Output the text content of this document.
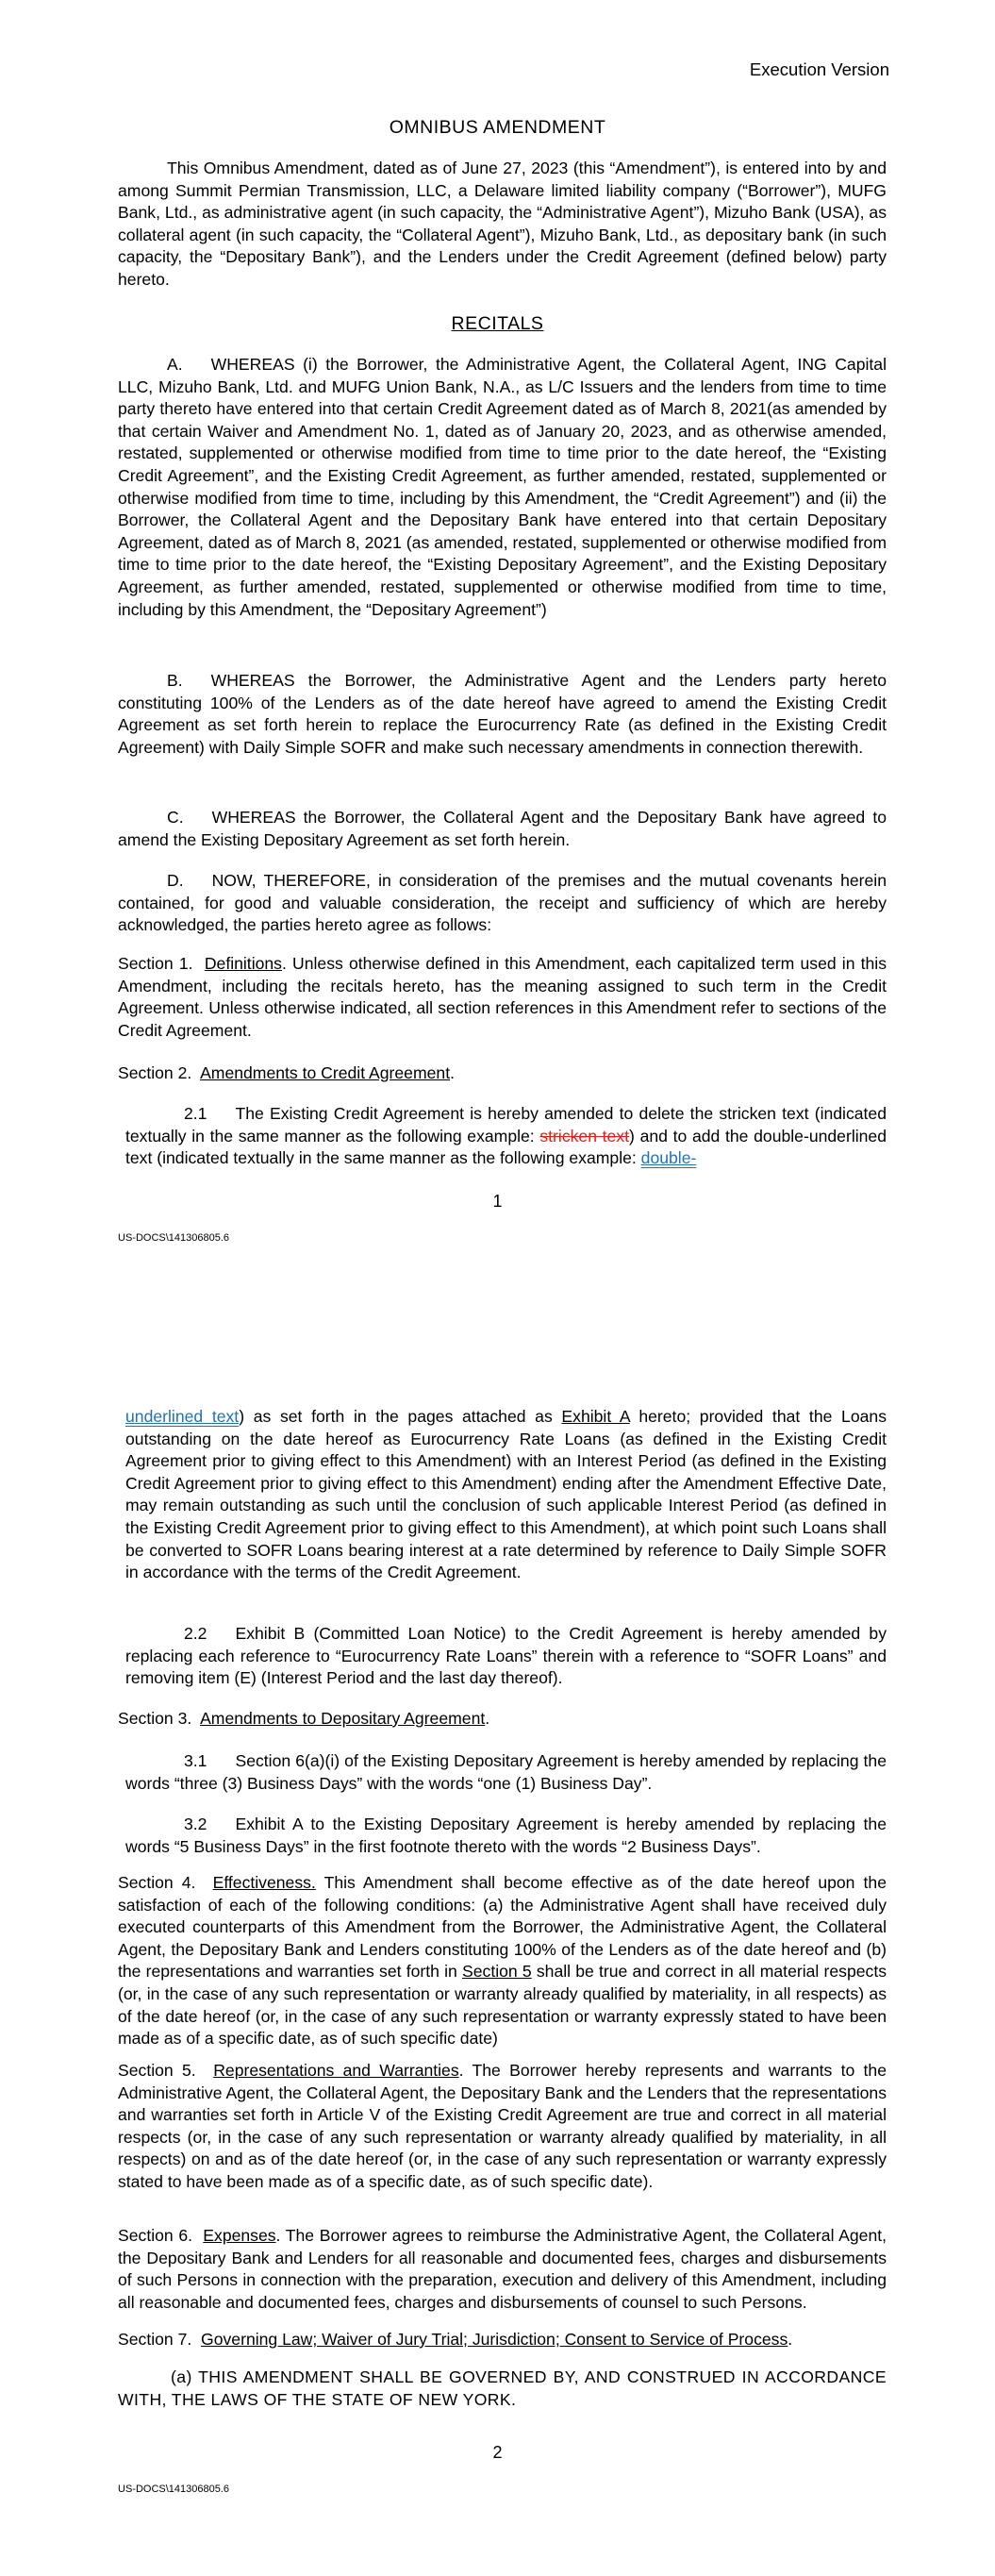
Execution Version
OMNIBUS AMENDMENT

This Omnibus Amendment, dated as of June 27, 2023 (this “Amendment”), is entered into by and among Summit Permian Transmission, LLC, a Delaware limited liability company (“Borrower”), MUFG Bank, Ltd., as administrative agent (in such capacity, the “Administrative Agent”), Mizuho Bank (USA), as collateral agent (in such capacity, the “Collateral Agent”), Mizuho Bank, Ltd., as depositary bank (in such capacity, the “Depositary Bank”), and the Lenders under the Credit Agreement (defined below) party hereto.

RECITALS

A. WHEREAS (i) the Borrower, the Administrative Agent, the Collateral Agent, ING Capital LLC, Mizuho Bank, Ltd. and MUFG Union Bank, N.A., as L/C Issuers and the lenders from time to time party thereto have entered into that certain Credit Agreement dated as of March 8, 2021(as amended by that certain Waiver and Amendment No. 1, dated as of January 20, 2023, and as otherwise amended, restated, supplemented or otherwise modified from time to time prior to the date hereof, the “Existing Credit Agreement”, and the Existing Credit Agreement, as further amended, restated, supplemented or otherwise modified from time to time, including by this Amendment, the “Credit Agreement”) and (ii) the Borrower, the Collateral Agent and the Depositary Bank have entered into that certain Depositary Agreement, dated as of March 8, 2021 (as amended, restated, supplemented or otherwise modified from time to time prior to the date hereof, the “Existing Depositary Agreement”, and the Existing Depositary Agreement, as further amended, restated, supplemented or otherwise modified from time to time, including by this Amendment, the “Depositary Agreement”)

B. WHEREAS the Borrower, the Administrative Agent and the Lenders party hereto constituting 100% of the Lenders as of the date hereof have agreed to amend the Existing Credit Agreement as set forth herein to replace the Eurocurrency Rate (as defined in the Existing Credit Agreement) with Daily Simple SOFR and make such necessary amendments in connection therewith.

C. WHEREAS the Borrower, the Collateral Agent and the Depositary Bank have agreed to amend the Existing Depositary Agreement as set forth herein.

D. NOW, THEREFORE, in consideration of the premises and the mutual covenants herein contained, for good and valuable consideration, the receipt and sufficiency of which are hereby acknowledged, the parties hereto agree as follows:

Section 1. Definitions. Unless otherwise defined in this Amendment, each capitalized term used in this Amendment, including the recitals hereto, has the meaning assigned to such term in the Credit Agreement. Unless otherwise indicated, all section references in this Amendment refer to sections of the Credit Agreement.

Section 2. Amendments to Credit Agreement.

2.1 The Existing Credit Agreement is hereby amended to delete the stricken text (indicated textually in the same manner as the following example: stricken text) and to add the double-underlined text (indicated textually in the same manner as the following example: double-

1
US-DOCS\141306805.6

underlined text) as set forth in the pages attached as Exhibit A hereto; provided that the Loans outstanding on the date hereof as Eurocurrency Rate Loans (as defined in the Existing Credit Agreement prior to giving effect to this Amendment) with an Interest Period (as defined in the Existing Credit Agreement prior to giving effect to this Amendment) ending after the Amendment Effective Date, may remain outstanding as such until the conclusion of such applicable Interest Period (as defined in the Existing Credit Agreement prior to giving effect to this Amendment), at which point such Loans shall be converted to SOFR Loans bearing interest at a rate determined by reference to Daily Simple SOFR in accordance with the terms of the Credit Agreement.

2.2 Exhibit B (Committed Loan Notice) to the Credit Agreement is hereby amended by replacing each reference to “Eurocurrency Rate Loans” therein with a reference to “SOFR Loans” and removing item (E) (Interest Period and the last day thereof).

Section 3. Amendments to Depositary Agreement.

3.1 Section 6(a)(i) of the Existing Depositary Agreement is hereby amended by replacing the words “three (3) Business Days” with the words “one (1) Business Day”.

3.2 Exhibit A to the Existing Depositary Agreement is hereby amended by replacing the words “5 Business Days” in the first footnote thereto with the words “2 Business Days”.

Section 4. Effectiveness. This Amendment shall become effective as of the date hereof upon the satisfaction of each of the following conditions: (a) the Administrative Agent shall have received duly executed counterparts of this Amendment from the Borrower, the Administrative Agent, the Collateral Agent, the Depositary Bank and Lenders constituting 100% of the Lenders as of the date hereof and (b) the representations and warranties set forth in Section 5 shall be true and correct in all material respects (or, in the case of any such representation or warranty already qualified by materiality, in all respects) as of the date hereof (or, in the case of any such representation or warranty expressly stated to have been made as of a specific date, as of such specific date)

Section 5. Representations and Warranties. The Borrower hereby represents and warrants to the Administrative Agent, the Collateral Agent, the Depositary Bank and the Lenders that the representations and warranties set forth in Article V of the Existing Credit Agreement are true and correct in all material respects (or, in the case of any such representation or warranty already qualified by materiality, in all respects) on and as of the date hereof (or, in the case of any such representation or warranty expressly stated to have been made as of a specific date, as of such specific date).

Section 6. Expenses. The Borrower agrees to reimburse the Administrative Agent, the Collateral Agent, the Depositary Bank and Lenders for all reasonable and documented fees, charges and disbursements of such Persons in connection with the preparation, execution and delivery of this Amendment, including all reasonable and documented fees, charges and disbursements of counsel to such Persons.

Section 7. Governing Law; Waiver of Jury Trial; Jurisdiction; Consent to Service of Process.

(a) THIS AMENDMENT SHALL BE GOVERNED BY, AND CONSTRUED IN ACCORDANCE WITH, THE LAWS OF THE STATE OF NEW YORK.

2
US-DOCS\141306805.6
